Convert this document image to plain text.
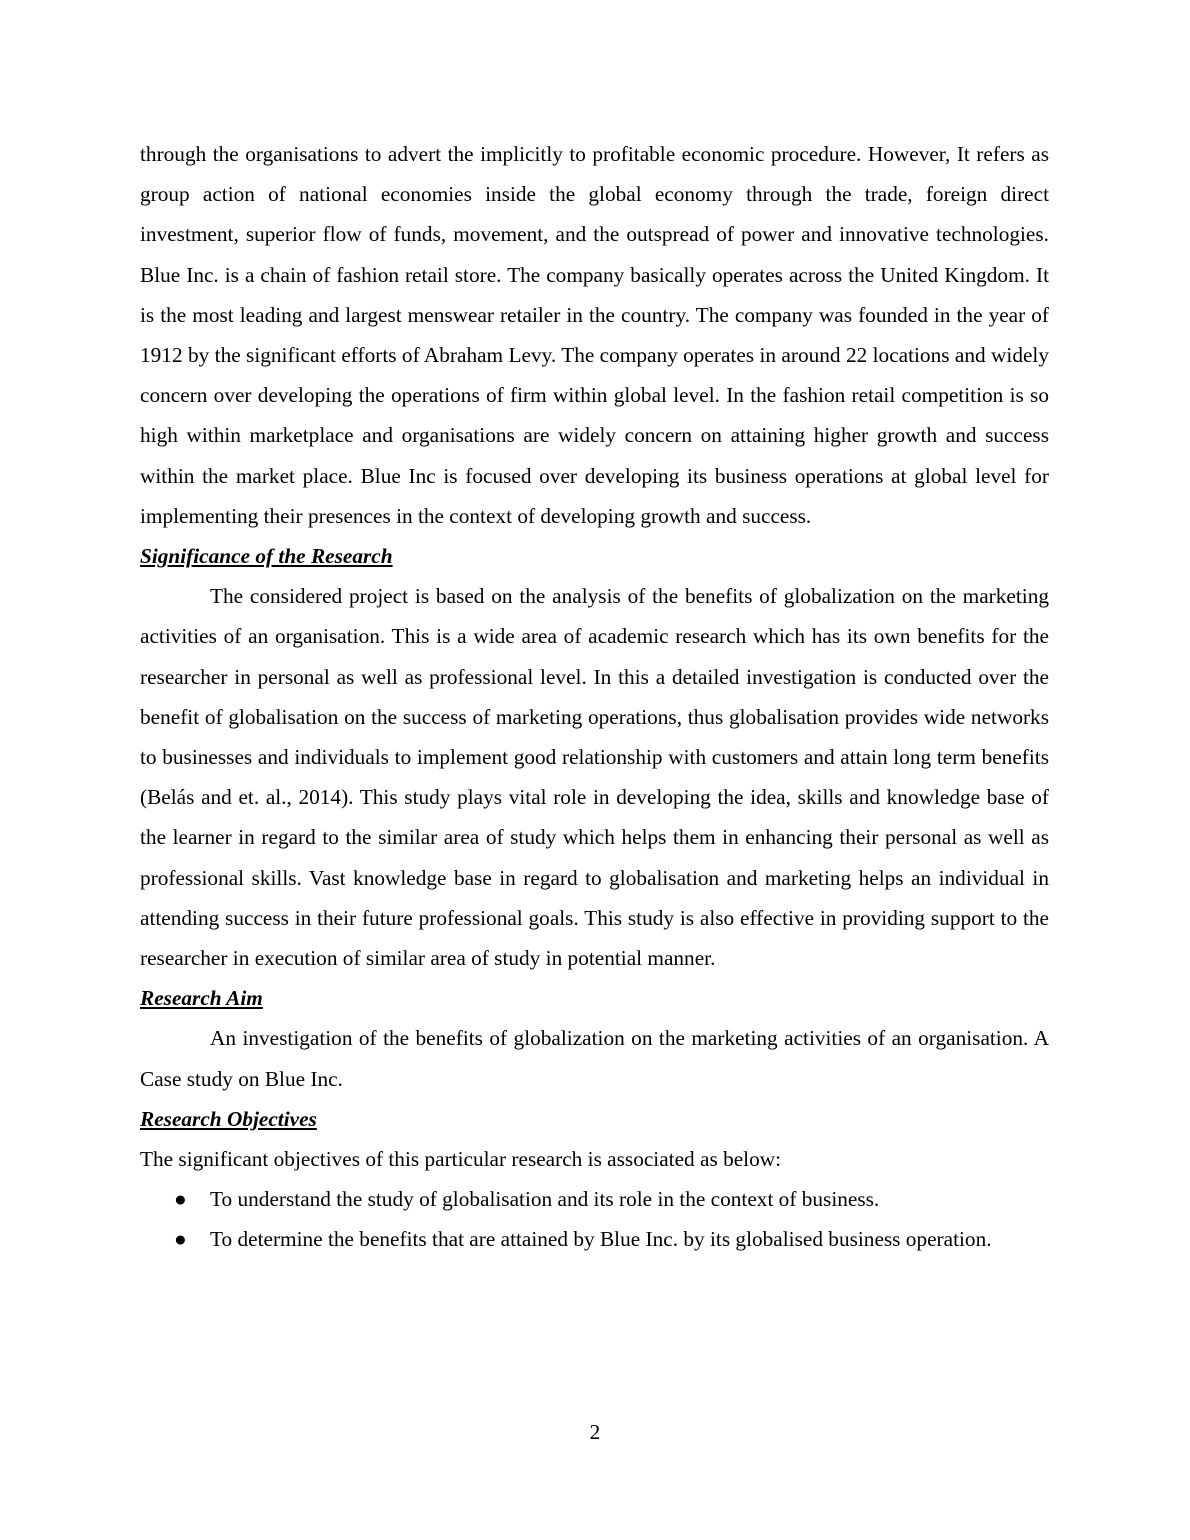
through the organisations to advert the implicitly to profitable economic procedure. However, It refers as group action of national economies inside the global economy through the trade, foreign direct investment, superior flow of funds, movement, and the outspread of power and innovative technologies. Blue Inc. is a chain of fashion retail store. The company basically operates across the United Kingdom. It is the most leading and largest menswear retailer in the country. The company was founded in the year of 1912 by the significant efforts of Abraham Levy. The company operates in around 22 locations and widely concern over developing the operations of firm within global level. In the fashion retail competition is so high within marketplace and organisations are widely concern on attaining higher growth and success within the market place. Blue Inc is focused over developing its business operations at global level for implementing their presences in the context of developing growth and success.

Significance of the Research

The considered project is based on the analysis of the benefits of globalization on the marketing activities of an organisation. This is a wide area of academic research which has its own benefits for the researcher in personal as well as professional level. In this a detailed investigation is conducted over the benefit of globalisation on the success of marketing operations, thus globalisation provides wide networks to businesses and individuals to implement good relationship with customers and attain long term benefits (Belás and et. al., 2014). This study plays vital role in developing the idea, skills and knowledge base of the learner in regard to the similar area of study which helps them in enhancing their personal as well as professional skills. Vast knowledge base in regard to globalisation and marketing helps an individual in attending success in their future professional goals. This study is also effective in providing support to the researcher in execution of similar area of study in potential manner.

Research Aim

An investigation of the benefits of globalization on the marketing activities of an organisation. A Case study on Blue Inc.

Research Objectives

The significant objectives of this particular research is associated as below:

● To understand the study of globalisation and its role in the context of business.
● To determine the benefits that are attained by Blue Inc. by its globalised business operation.
2
